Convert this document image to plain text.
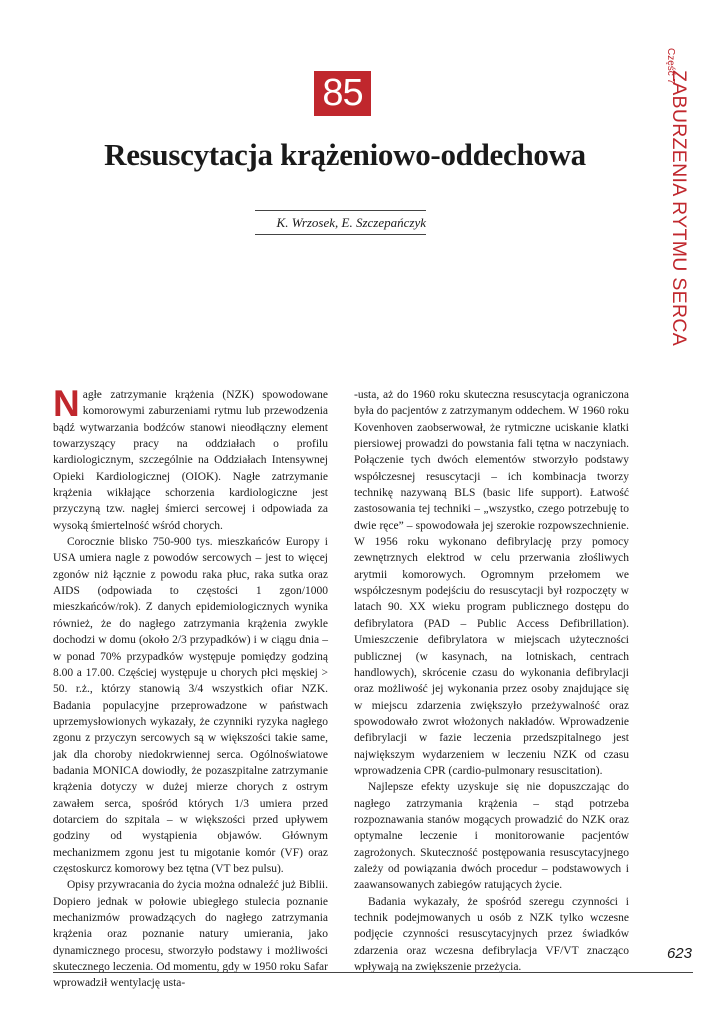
85
Resuscytacja krążeniowo-oddechowa
K. Wrzosek, E. Szczepańczyk
Część 7
ZABURZENIA RYTMU SERCA

Nagłe zatrzymanie krążenia (NZK) spowodowane komorowymi zaburzeniami rytmu lub przewodzenia bądź wytwarzania bodźców stanowi nieodłączny element towarzyszący pracy na oddziałach o profilu kardiologicznym, szczególnie na Oddziałach Intensywnej Opieki Kardiologicznej (OIOK). Nagłe zatrzymanie krążenia wikłające schorzenia kardiologiczne jest przyczyną tzw. nagłej śmierci sercowej i odpowiada za wysoką śmiertelność wśród chorych.

Corocznie blisko 750-900 tys. mieszkańców Europy i USA umiera nagle z powodów sercowych – jest to więcej zgonów niż łącznie z powodu raka płuc, raka sutka oraz AIDS (odpowiada to częstości 1 zgon/1000 mieszkańców/rok). Z danych epidemiologicznych wynika również, że do nagłego zatrzymania krążenia zwykle dochodzi w domu (około 2/3 przypadków) i w ciągu dnia – w ponad 70% przypadków występuje pomiędzy godziną 8.00 a 17.00. Częściej występuje u chorych płci męskiej > 50. r.ż., którzy stanowią 3/4 wszystkich ofiar NZK. Badania populacyjne przeprowadzone w państwach uprzemysłowionych wykazały, że czynniki ryzyka nagłego zgonu z przyczyn sercowych są w większości takie same, jak dla choroby niedokrwiennej serca. Ogólnoświatowe badania MONICA dowiodły, że pozaszpitalne zatrzymanie krążenia dotyczy w dużej mierze chorych z ostrym zawałem serca, spośród których 1/3 umiera przed dotarciem do szpitala – w większości przed upływem godziny od wystąpienia objawów. Głównym mechanizmem zgonu jest tu migotanie komór (VF) oraz częstoskurcz komorowy bez tętna (VT bez pulsu).

Opisy przywracania do życia można odnaleźć już Biblii. Dopiero jednak w połowie ubiegłego stulecia poznanie mechanizmów prowadzących do nagłego zatrzymania krążenia oraz poznanie natury umierania, jako dynamicznego procesu, stworzyło podstawy i możliwości skutecznego leczenia. Od momentu, gdy w 1950 roku Safar wprowadził wentylację usta-

-usta, aż do 1960 roku skuteczna resuscytacja ograniczona była do pacjentów z zatrzymanym oddechem. W 1960 roku Kovenhoven zaobserwował, że rytmiczne uciskanie klatki piersiowej prowadzi do powstania fali tętna w naczyniach. Połączenie tych dwóch elementów stworzyło podstawy współczesnej resuscytacji – ich kombinacja tworzy technikę nazywaną BLS (basic life support). Łatwość zastosowania tej techniki – „wszystko, czego potrzebuję to dwie ręce” – spowodowała jej szerokie rozpowszechnienie. W 1956 roku wykonano defibrylację przy pomocy zewnętrznych elektrod w celu przerwania złośliwych arytmii komorowych. Ogromnym przełomem we współczesnym podejściu do resuscytacji był rozpoczęty w latach 90. XX wieku program publicznego dostępu do defibrylatora (PAD – Public Access Defibrillation). Umieszczenie defibrylatora w miejscach użyteczności publicznej (w kasynach, na lotniskach, centrach handlowych), skrócenie czasu do wykonania defibrylacji oraz możliwość jej wykonania przez osoby znajdujące się w miejscu zdarzenia zwiększyło przeżywalność oraz spowodowało zwrot włożonych nakładów. Wprowadzenie defibrylacji w fazie leczenia przedszpitalnego jest największym wydarzeniem w leczeniu NZK od czasu wprowadzenia CPR (cardio-pulmonary resuscitation).

Najlepsze efekty uzyskuje się nie dopuszczając do nagłego zatrzymania krążenia – stąd potrzeba rozpoznawania stanów mogących prowadzić do NZK oraz optymalne leczenie i monitorowanie pacjentów zagrożonych. Skuteczność postępowania resuscytacyjnego zależy od powiązania dwóch procedur – podstawowych i zaawansowanych zabiegów ratujących życie.

Badania wykazały, że spośród szeregu czynności i technik podejmowanych u osób z NZK tylko wczesne podjęcie czynności resuscytacyjnych przez świadków zdarzenia oraz wczesna defibrylacja VF/VT znacząco wpływają na zwiększenie przeżycia.

623
